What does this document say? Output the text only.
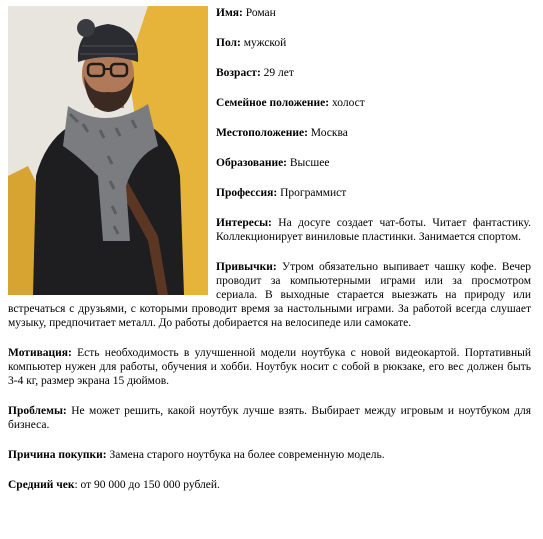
Имя: Роман

Пол: мужской

Возраст: 29 лет

Семейное положение: холост

Местоположение: Москва

Образование: Высшее

Профессия: Программист

Интересы: На досуге создает чат-боты. Читает фантастику. Коллекционирует виниловые пластинки. Занимается спортом.

Привычки: Утром обязательно выпивает чашку кофе. Вечер проводит за компьютерными играми или за просмотром сериала. В выходные старается выезжать на природу или встречаться с друзьями, с которыми проводит время за настольными играми. За работой всегда слушает музыку, предпочитает металл. До работы добирается на велосипеде или самокате.

Мотивация: Есть необходимость в улучшенной модели ноутбука с новой видеокартой. Портативный компьютер нужен для работы, обучения и хобби. Ноутбук носит с собой в рюкзаке, его вес должен быть 3-4 кг, размер экрана 15 дюймов.

Проблемы: Не может решить, какой ноутбук лучше взять. Выбирает между игровым и ноутбуком для бизнеса.

Причина покупки: Замена старого ноутбука на более современную модель.

Средний чек: от 90 000 до 150 000 рублей.
